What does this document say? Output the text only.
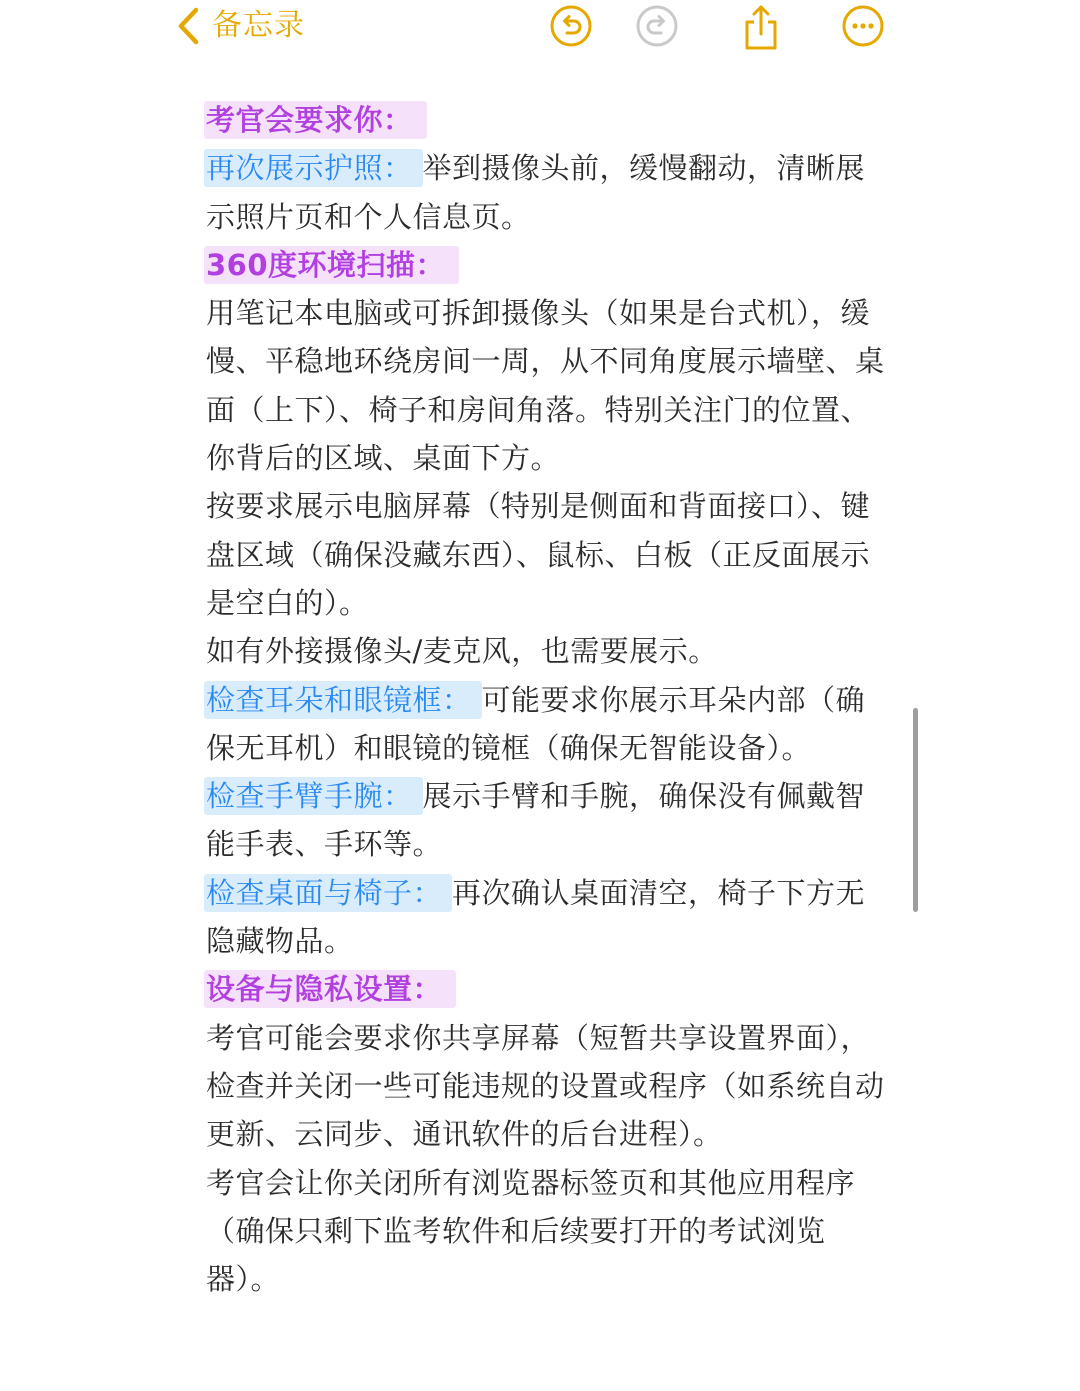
备忘录

考官会要求你：

再次展示护照： 举到摄像头前，缓慢翻动，清晰展示照片页和个人信息页。

360度环境扫描：

用笔记本电脑或可拆卸摄像头（如果是台式机），缓慢、平稳地环绕房间一周，从不同角度展示墙壁、桌面（上下）、椅子和房间角落。特别关注门的位置、你背后的区域、桌面下方。

按要求展示电脑屏幕（特别是侧面和背面接口）、键盘区域（确保没藏东西）、鼠标、白板（正反面展示是空白的）。

如有外接摄像头/麦克风，也需要展示。

检查耳朵和眼镜框： 可能要求你展示耳朵内部（确保无耳机）和眼镜的镜框（确保无智能设备）。

检查手臂手腕： 展示手臂和手腕，确保没有佩戴智能手表、手环等。

检查桌面与椅子： 再次确认桌面清空，椅子下方无隐藏物品。

设备与隐私设置：

考官可能会要求你共享屏幕（短暂共享设置界面），检查并关闭一些可能违规的设置或程序（如系统自动更新、云同步、通讯软件的后台进程）。

考官会让你关闭所有浏览器标签页和其他应用程序（确保只剩下监考软件和后续要打开的考试浏览器）。
